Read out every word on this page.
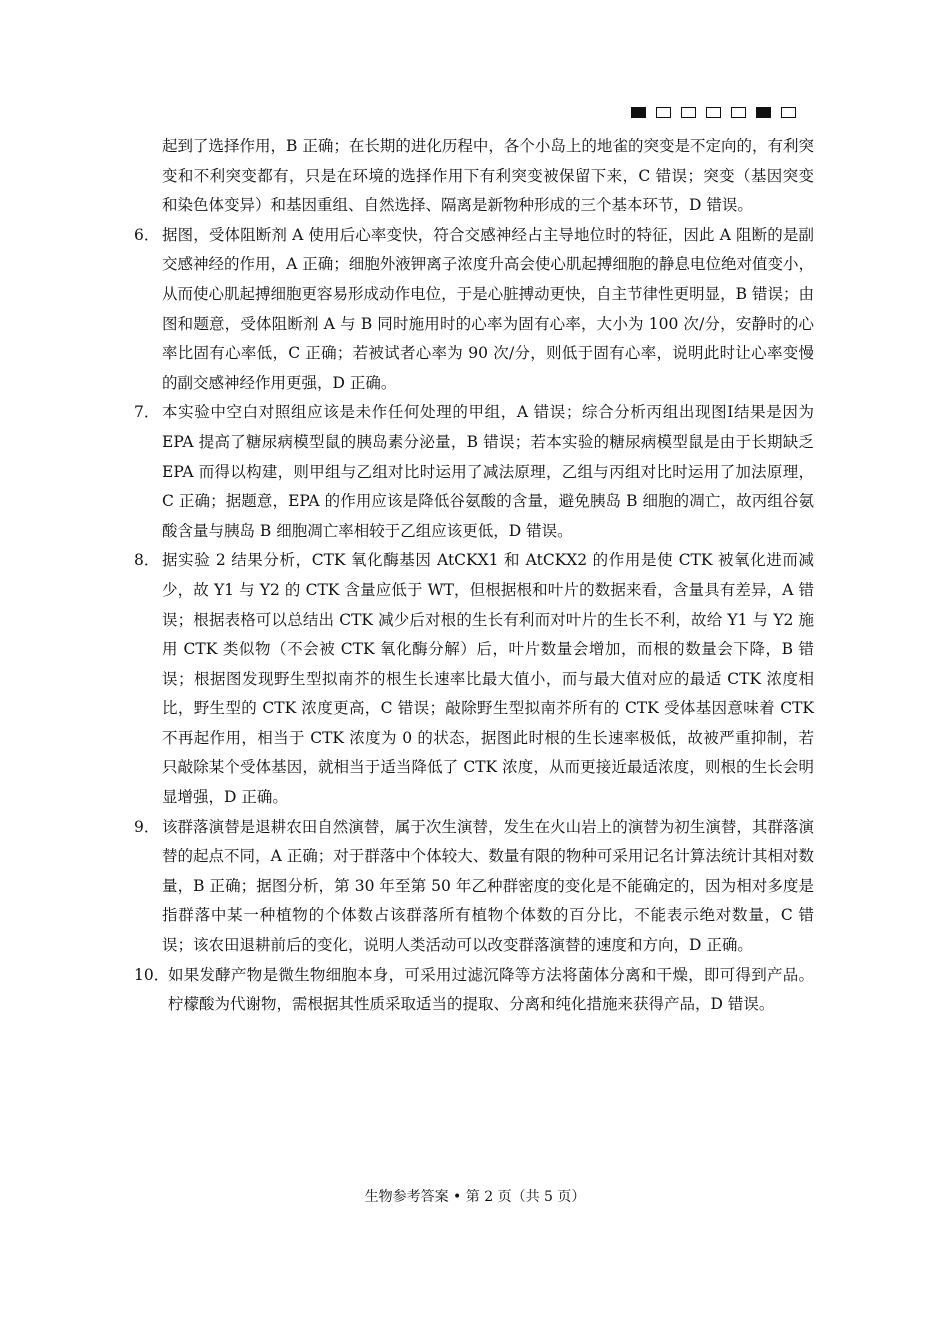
起到了选择作用，B 正确；在长期的进化历程中，各个小岛上的地雀的突变是不定向的，有利突变和不利突变都有，只是在环境的选择作用下有利突变被保留下来，C 错误；突变（基因突变和染色体变异）和基因重组、自然选择、隔离是新物种形成的三个基本环节，D 错误。

6． 据图，受体阻断剂 A 使用后心率变快，符合交感神经占主导地位时的特征，因此 A 阻断的是副交感神经的作用，A 正确；细胞外液钾离子浓度升高会使心肌起搏细胞的静息电位绝对值变小，从而使心肌起搏细胞更容易形成动作电位，于是心脏搏动更快，自主节律性更明显，B 错误；由图和题意，受体阻断剂 A 与 B 同时施用时的心率为固有心率，大小为 100 次/分，安静时的心率比固有心率低，C 正确；若被试者心率为 90 次/分，则低于固有心率，说明此时让心率变慢的副交感神经作用更强，D 正确。

7． 本实验中空白对照组应该是未作任何处理的甲组，A 错误；综合分析丙组出现图Ⅰ结果是因为 EPA 提高了糖尿病模型鼠的胰岛素分泌量，B 错误；若本实验的糖尿病模型鼠是由于长期缺乏 EPA 而得以构建，则甲组与乙组对比时运用了减法原理，乙组与丙组对比时运用了加法原理，C 正确；据题意，EPA 的作用应该是降低谷氨酸的含量，避免胰岛 B 细胞的凋亡，故丙组谷氨酸含量与胰岛 B 细胞凋亡率相较于乙组应该更低，D 错误。

8． 据实验 2 结果分析，CTK 氧化酶基因 AtCKX1 和 AtCKX2 的作用是使 CTK 被氧化进而减少，故 Y1 与 Y2 的 CTK 含量应低于 WT，但根据根和叶片的数据来看，含量具有差异，A 错误；根据表格可以总结出 CTK 减少后对根的生长有利而对叶片的生长不利，故给 Y1 与 Y2 施用 CTK 类似物（不会被 CTK 氧化酶分解）后，叶片数量会增加，而根的数量会下降，B 错误；根据图发现野生型拟南芥的根生长速率比最大值小，而与最大值对应的最适 CTK 浓度相比，野生型的 CTK 浓度更高，C 错误；敲除野生型拟南芥所有的 CTK 受体基因意味着 CTK 不再起作用，相当于 CTK 浓度为 0 的状态，据图此时根的生长速率极低，故被严重抑制，若只敲除某个受体基因，就相当于适当降低了 CTK 浓度，从而更接近最适浓度，则根的生长会明显增强，D 正确。

9． 该群落演替是退耕农田自然演替，属于次生演替，发生在火山岩上的演替为初生演替，其群落演替的起点不同，A 正确；对于群落中个体较大、数量有限的物种可采用记名计算法统计其相对数量，B 正确；据图分析，第 30 年至第 50 年乙种群密度的变化是不能确定的，因为相对多度是指群落中某一种植物的个体数占该群落所有植物个体数的百分比，不能表示绝对数量，C 错误；该农田退耕前后的变化，说明人类活动可以改变群落演替的速度和方向，D 正确。

10．
如果发酵产物是微生物细胞本身，可采用过滤沉降等方法将菌体分离和干燥，即可得到产品。柠檬酸为代谢物，需根据其性质采取适当的提取、分离和纯化措施来获得产品，D 错误。

生物参考答案 • 第 2 页（共 5 页）
